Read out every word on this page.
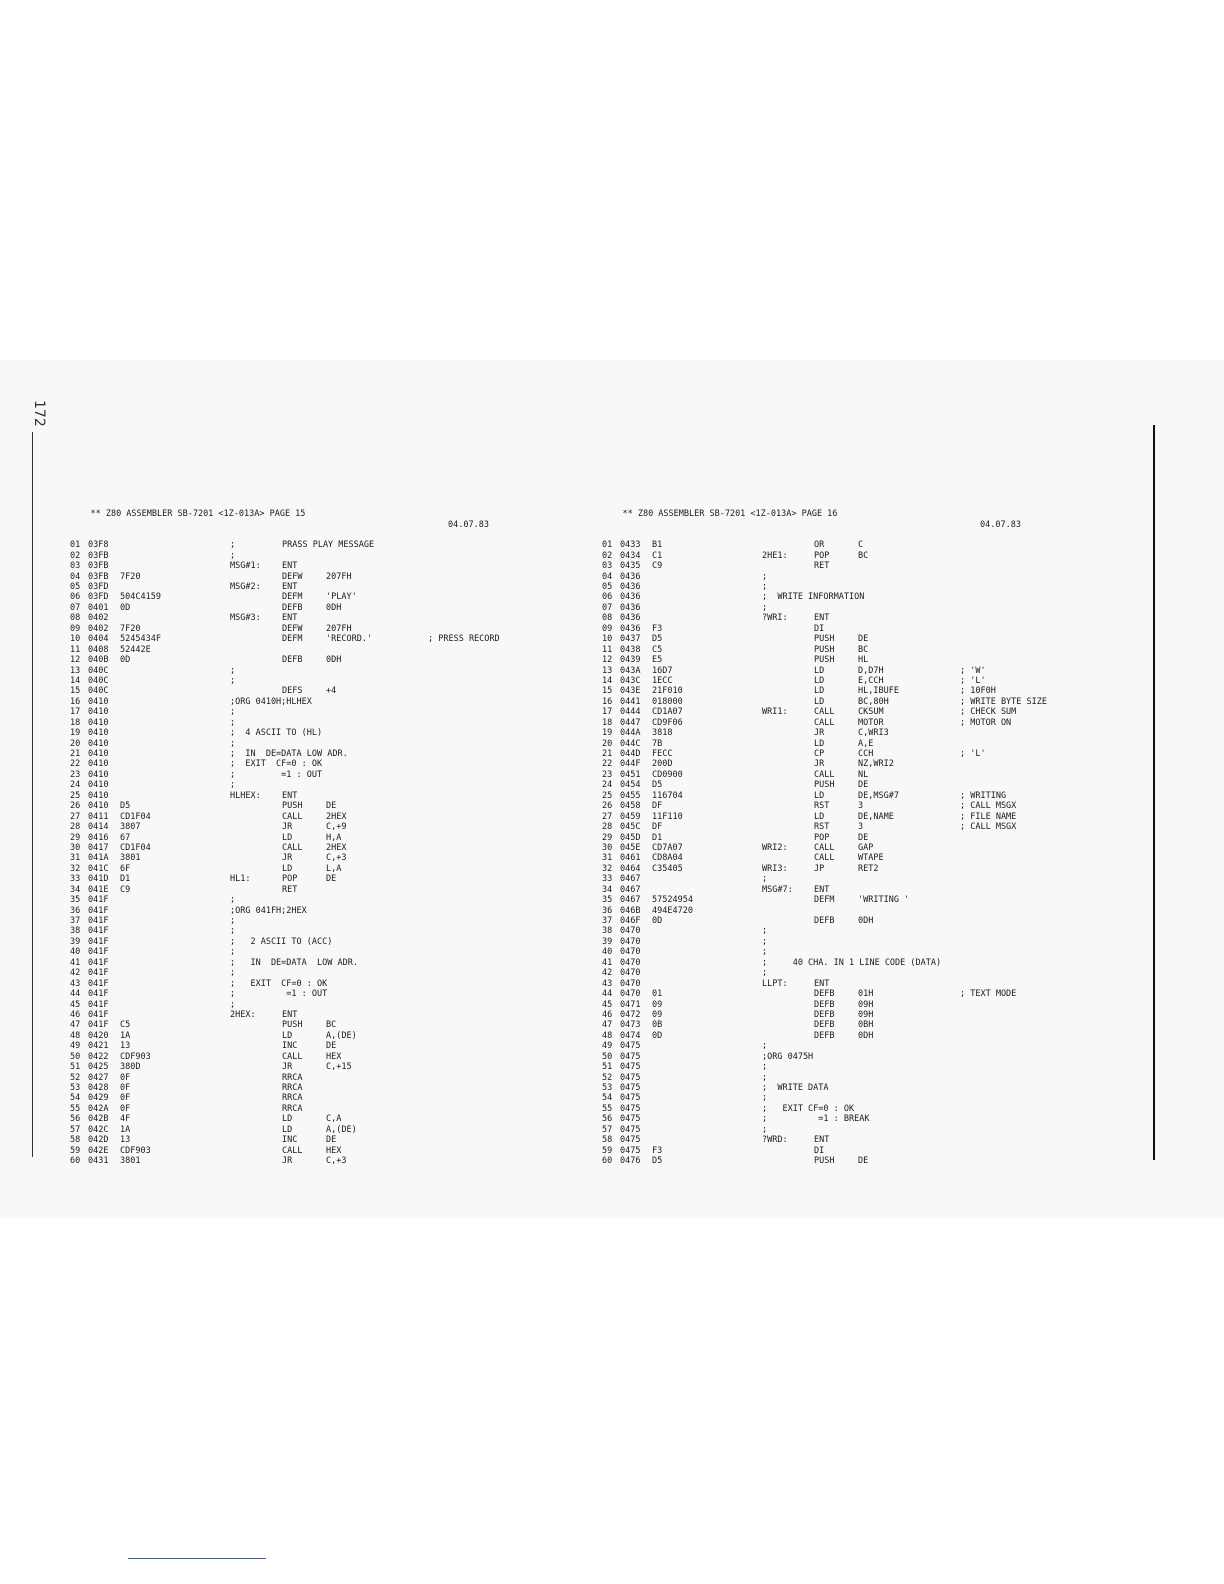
172

** Z80 ASSEMBLER SB-7201 <1Z-013A> PAGE 15

04.07.83

01 03F8	;	PRASS PLAY MESSAGE
02 03FB	;
03 03FB	MSG#1:	ENT
04 03FB 7F20	DEFW	207FH
05 03FD	MSG#2:	ENT
06 03FD 504C4159	DEFM	'PLAY'
07 0401 0D	DEFB	0DH
08 0402	MSG#3:	ENT
09 0402 7F20	DEFW	207FH
10 0404 5245434F	DEFM	'RECORD.'	; PRESS RECORD
11 0408 52442E
12 040B 0D	DEFB	0DH
13 040C	;
14 040C	;
15 040C	DEFS	+4
16 0410	;ORG 0410H;HLHEX
17 0410	;
18 0410	;
19 0410	;  4 ASCII TO (HL)
20 0410	;
21 0410	;  IN  DE=DATA LOW ADR.
22 0410	;  EXIT  CF=0 : OK
23 0410	;         =1 : OUT
24 0410	;
25 0410	HLHEX:	ENT
26 0410 D5	PUSH	DE
27 0411 CD1F04	CALL	2HEX
28 0414 3807	JR	C,+9
29 0416 67	LD	H,A
30 0417 CD1F04	CALL	2HEX
31 041A 3801	JR	C,+3
32 041C 6F	LD	L,A
33 041D D1	HL1:	POP	DE
34 041E C9	RET
35 041F	;
36 041F	;ORG 041FH;2HEX
37 041F	;
38 041F	;
39 041F	;   2 ASCII TO (ACC)
40 041F	;
41 041F	;   IN  DE=DATA  LOW ADR.
42 041F	;
43 041F	;   EXIT  CF=0 : OK
44 041F	;          =1 : OUT
45 041F	;
46 041F	2HEX:	ENT
47 041F C5	PUSH	BC
48 0420 1A	LD	A,(DE)
49 0421 13	INC	DE
50 0422 CDF903	CALL	HEX
51 0425 380D	JR	C,+15
52 0427 0F	RRCA
53 0428 0F	RRCA
54 0429 0F	RRCA
55 042A 0F	RRCA
56 042B 4F	LD	C,A
57 042C 1A	LD	A,(DE)
58 042D 13	INC	DE
59 042E CDF903	CALL	HEX
60 0431 3801	JR	C,+3

** Z80 ASSEMBLER SB-7201 <1Z-013A> PAGE 16

04.07.83

01 0433 B1	OR	C
02 0434 C1	2HE1:	POP	BC
03 0435 C9	RET
04 0436	;
05 0436	;
06 0436	;  WRITE INFORMATION
07 0436	;
08 0436	?WRI:	ENT
09 0436 F3	DI
10 0437 D5	PUSH	DE
11 0438 C5	PUSH	BC
12 0439 E5	PUSH	HL
13 043A 16D7	LD	D,D7H	; 'W'
14 043C 1ECC	LD	E,CCH	; 'L'
15 043E 21F010	LD	HL,IBUFE	; 10F0H
16 0441 018000	LD	BC,80H	; WRITE BYTE SIZE
17 0444 CD1A07	WRI1:	CALL	CKSUM	; CHECK SUM
18 0447 CD9F06	CALL	MOTOR	; MOTOR ON
19 044A 3818	JR	C,WRI3
20 044C 7B	LD	A,E
21 044D FECC	CP	CCH	; 'L'
22 044F 200D	JR	NZ,WRI2
23 0451 CD0900	CALL	NL
24 0454 D5	PUSH	DE
25 0455 116704	LD	DE,MSG#7	; WRITING
26 0458 DF	RST	3	; CALL MSGX
27 0459 11F110	LD	DE,NAME	; FILE NAME
28 045C DF	RST	3	; CALL MSGX
29 045D D1	POP	DE
30 045E CD7A07	WRI2:	CALL	GAP
31 0461 CD8A04	CALL	WTAPE
32 0464 C35405	WRI3:	JP	RET2
33 0467	;
34 0467	MSG#7:	ENT
35 0467 57524954	DEFM	'WRITING '
36 046B 494E4720
37 046F 0D	DEFB	0DH
38 0470	;
39 0470	;
40 0470	;
41 0470	;     40 CHA. IN 1 LINE CODE (DATA)
42 0470	;
43 0470	LLPT:	ENT
44 0470 01	DEFB	01H	; TEXT MODE
45 0471 09	DEFB	09H
46 0472 09	DEFB	09H
47 0473 0B	DEFB	0BH
48 0474 0D	DEFB	0DH
49 0475	;
50 0475	;ORG 0475H
51 0475	;
52 0475	;
53 0475	;  WRITE DATA
54 0475	;
55 0475	;   EXIT CF=0 : OK
56 0475	;          =1 : BREAK
57 0475	;
58 0475	?WRD:	ENT
59 0475 F3	DI
60 0476 D5	PUSH	DE
